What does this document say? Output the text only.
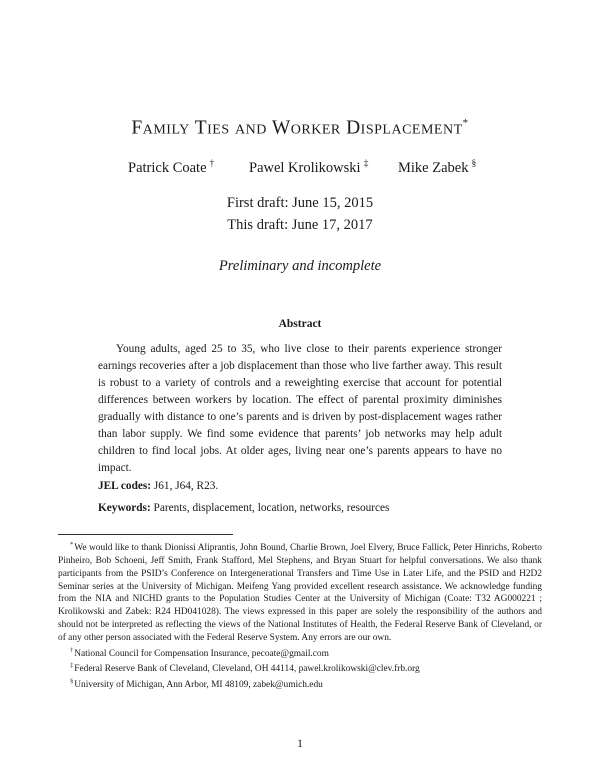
Family Ties and Worker Displacement*
Patrick Coate † Pawel Krolikowski ‡ Mike Zabek §
First draft: June 15, 2015
This draft: June 17, 2017
Preliminary and incomplete
Abstract

Young adults, aged 25 to 35, who live close to their parents experience stronger earnings recoveries after a job displacement than those who live farther away. This result is robust to a variety of controls and a reweighting exercise that account for potential differences between workers by location. The effect of parental proximity diminishes gradually with distance to one’s parents and is driven by post-displacement wages rather than labor supply. We find some evidence that parents’ job networks may help adult children to find local jobs. At older ages, living near one’s parents appears to have no impact.

JEL codes: J61, J64, R23.
Keywords: Parents, displacement, location, networks, resources

*We would like to thank Dionissi Aliprantis, John Bound, Charlie Brown, Joel Elvery, Bruce Fallick, Peter Hinrichs, Roberto Pinheiro, Bob Schoeni, Jeff Smith, Frank Stafford, Mel Stephens, and Bryan Stuart for helpful conversations. We also thank participants from the PSID’s Conference on Intergenerational Transfers and Time Use in Later Life, and the PSID and H2D2 Seminar series at the University of Michigan. Meifeng Yang provided excellent research assistance. We acknowledge funding from the NIA and NICHD grants to the Population Studies Center at the University of Michigan (Coate: T32 AG000221 ; Krolikowski and Zabek: R24 HD041028). The views expressed in this paper are solely the responsibility of the authors and should not be interpreted as reflecting the views of the National Institutes of Health, the Federal Reserve Bank of Cleveland, or of any other person associated with the Federal Reserve System. Any errors are our own.

†National Council for Compensation Insurance, pecoate@gmail.com

‡Federal Reserve Bank of Cleveland, Cleveland, OH 44114, pawel.krolikowski@clev.frb.org

§University of Michigan, Ann Arbor, MI 48109, zabek@umich.edu

1
